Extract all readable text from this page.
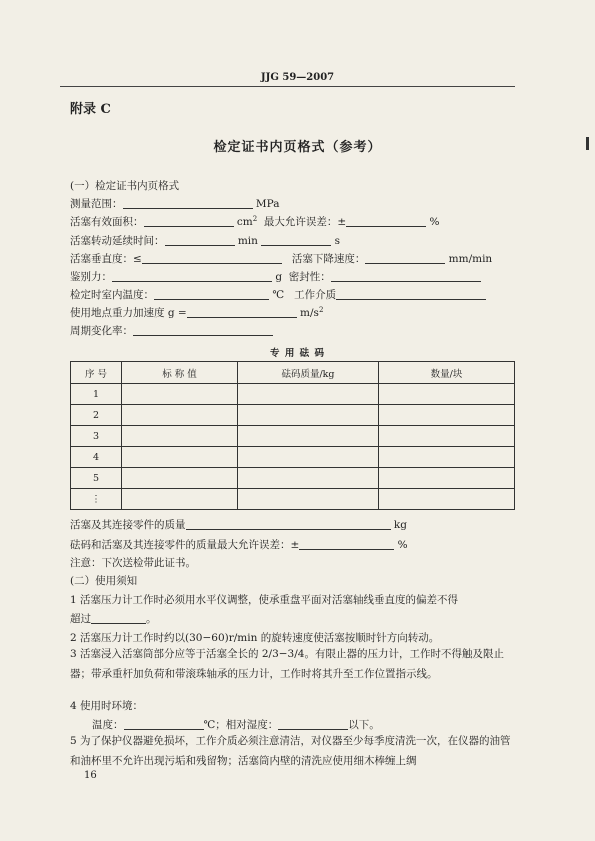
JJG 59—2007
附录 C
检定证书内页格式（参考）
(一）检定证书内页格式
测量范围：	MPa
活塞有效面积：	$cm^2$ 最大允许误差：±	%
活塞转动延续时间：	min	s
活塞垂直度：≤	活塞下降速度：	mm/min
鉴别力：	g 密封性：
检定时室内温度：	℃ 工作介质
使用地点重力加速度 g =	$m/s^2$
周期变化率：
专 用 砝 码
序 号	标 称 值	砝码质量/kg	数量/块
1			
2			
3			
4			
5			
⋮			
活塞及其连接零件的质量	kg
砝码和活塞及其连接零件的质量最大允许误差：±	%
注意：下次送检带此证书。
(二）使用须知
1 活塞压力计工作时必须用水平仪调整，使承重盘平面对活塞轴线垂直度的偏差不得
超过	。
2 活塞压力计工作时约以(30−60)r/min 的旋转速度使活塞按顺时针方向转动。
3 活塞浸入活塞筒部分应等于活塞全长的 2/3−3/4。有限止器的压力计，工作时不得触及限止器；带承重杆加负荷和带滚珠轴承的压力计，工作时将其升至工作位置指示线。
4 使用时环境：
温度：	℃；相对湿度：	以下。
5 为了保护仪器避免损坏，工作介质必须注意清洁，对仪器至少每季度清洗一次，在仪器的油管和油杯里不允许出现污垢和残留物；活塞筒内壁的清洗应使用细木棒缠上绸
16
